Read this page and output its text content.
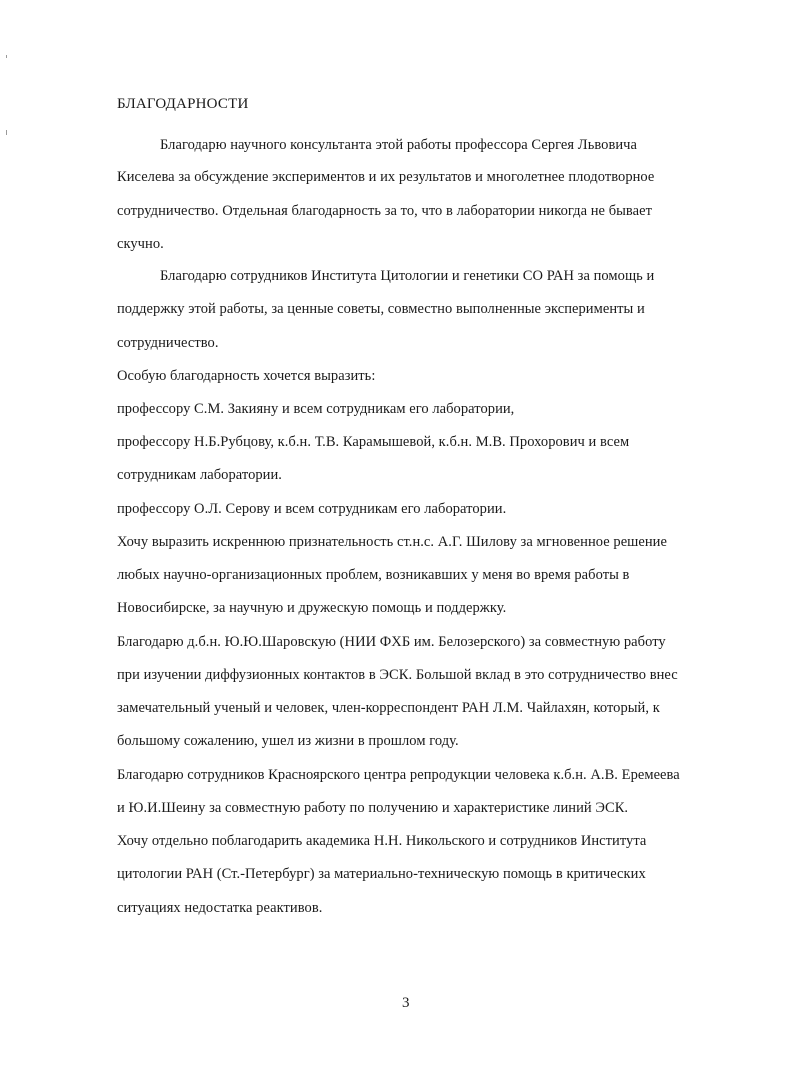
БЛАГОДАРНОСТИ
Благодарю научного консультанта этой работы профессора Сергея Львовича
Киселева за обсуждение экспериментов и их результатов и многолетнее плодотворное
сотрудничество. Отдельная благодарность за то, что в лаборатории никогда не бывает
скучно.
Благодарю сотрудников Института Цитологии и генетики СО РАН за помощь и
поддержку этой работы, за ценные советы, совместно выполненные эксперименты и
сотрудничество.
Особую благодарность хочется выразить:
профессору С.М. Закияну и всем сотрудникам его лаборатории,
профессору Н.Б.Рубцову, к.б.н. Т.В. Карамышевой, к.б.н. М.В. Прохорович и всем
сотрудникам лаборатории.
профессору О.Л. Серову и всем сотрудникам его лаборатории.
Хочу выразить искреннюю признательность ст.н.с. А.Г. Шилову за мгновенное решение
любых научно-организационных проблем, возникавших у меня во время работы в
Новосибирске, за научную и дружескую помощь и поддержку.
Благодарю д.б.н. Ю.Ю.Шаровскую (НИИ ФХБ им. Белозерского) за совместную работу
при изучении диффузионных контактов в ЭСК. Большой вклад в это сотрудничество внес
замечательный ученый и человек, член-корреспондент РАН Л.М. Чайлахян, который, к
большому сожалению, ушел из жизни в прошлом году.
Благодарю сотрудников Красноярского центра репродукции человека к.б.н. А.В. Еремеева
и Ю.И.Шеину за совместную работу по получению и характеристике линий ЭСК.
Хочу отдельно поблагодарить академика Н.Н. Никольского и сотрудников Института
цитологии РАН (Ст.-Петербург) за материально-техническую помощь в критических
ситуациях недостатка реактивов.
3
